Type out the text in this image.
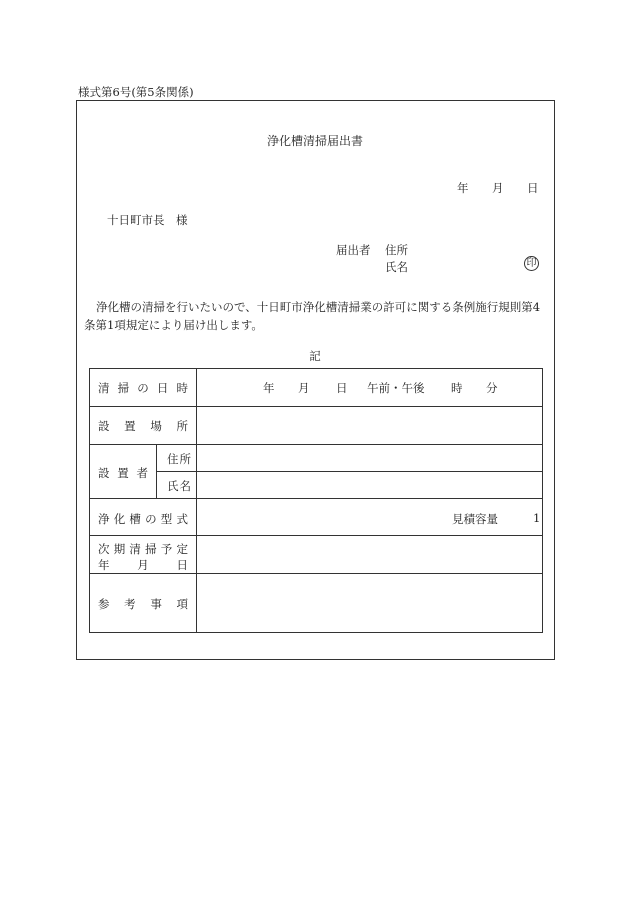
様式第6号(第5条関係)
浄化槽清掃届出書
年 月 日
十日町市長　様
届出者 住所
氏名	印
浄化槽の清掃を行いたいので、十日町市浄化槽清掃業の許可に関する条例施行規則第4条第1項規定により届け出します。
記
清 掃 の 日 時	年 月 日 午前・午後 時 分
設 置 場 所
設 置 者
住 所
氏 名
浄 化 槽 の 型 式	見積容量	1
次 期 清 掃 予 定
年 月 日
参 考 事 項
